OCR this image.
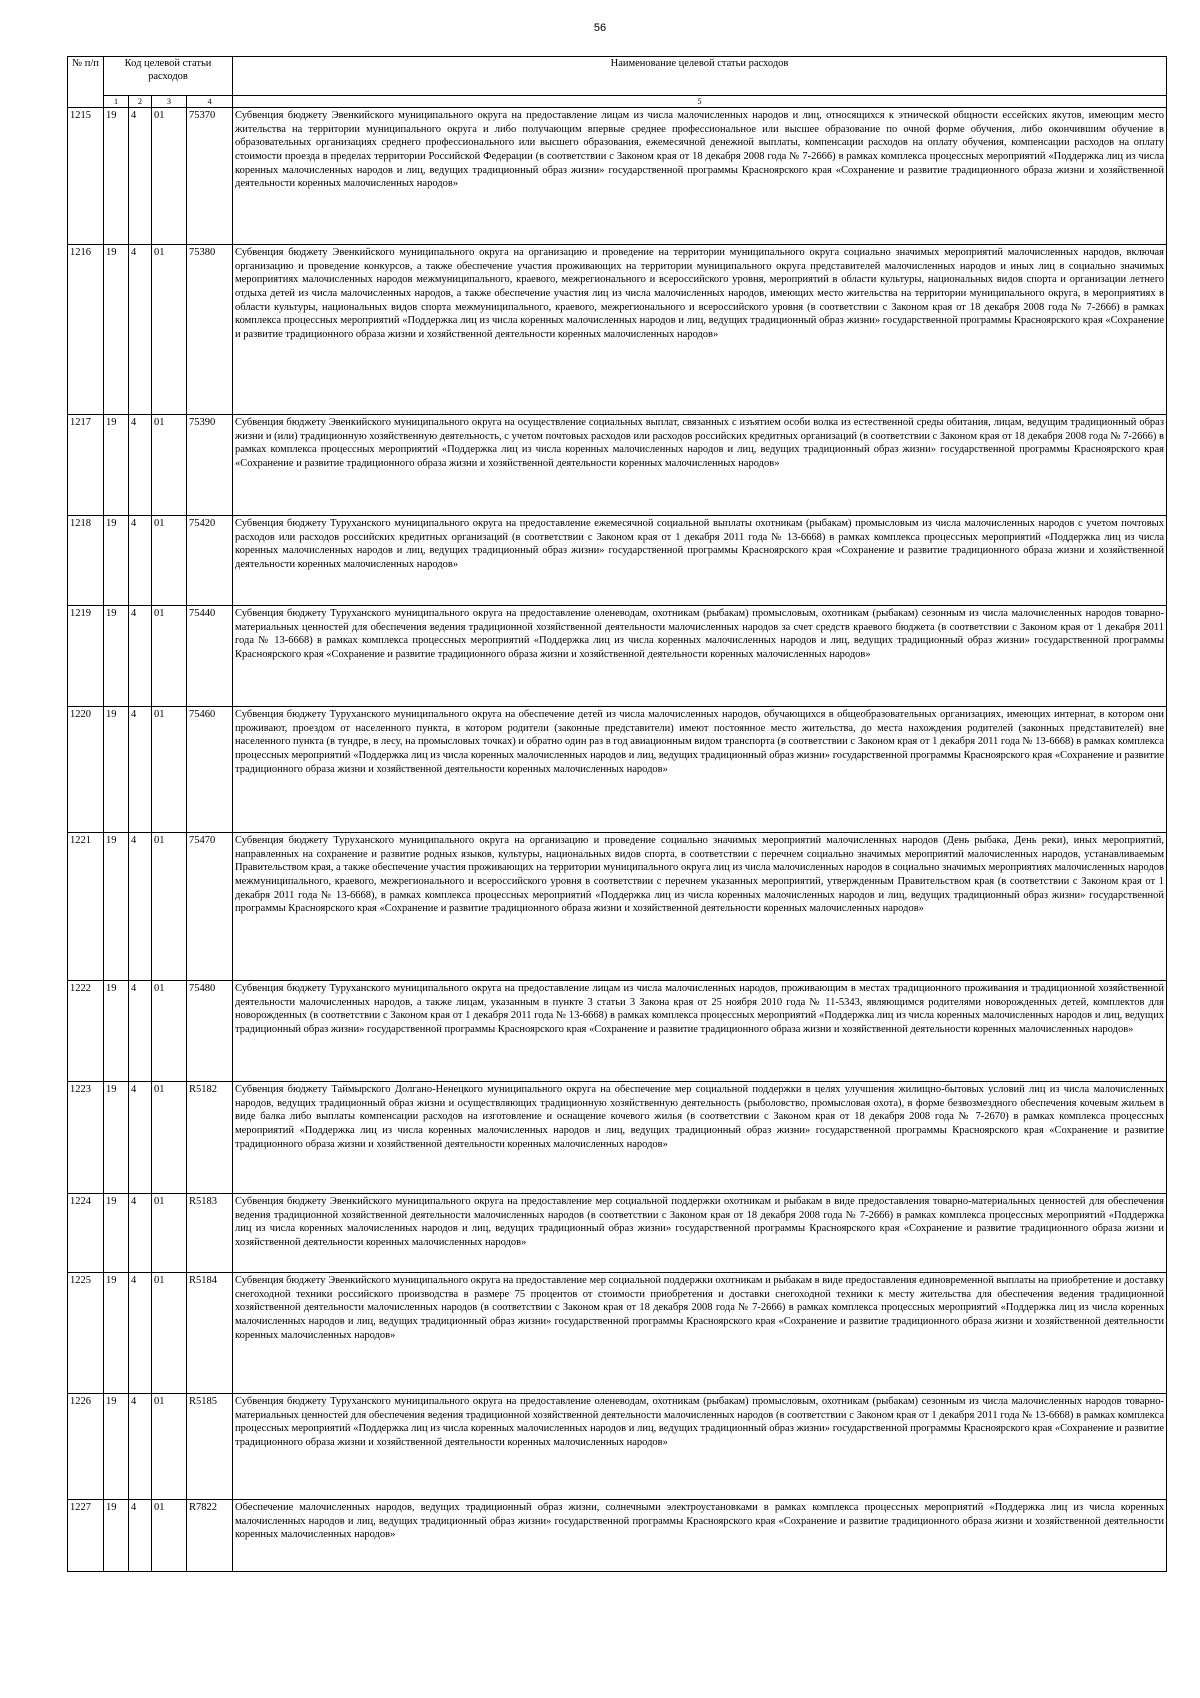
56
№ п/п	Код целевой статьи расходов				Наименование целевой статьи расходов
	1	2	3	4	5
1215	19	4	01	75370	Субвенция бюджету Эвенкийского муниципального округа на предоставление лицам из числа малочисленных народов и лиц, относящихся к этнической общности ессейских якутов, имеющим место жительства на территории муниципального округа и либо получающим впервые среднее профессиональное или высшее образование по очной форме обучения, либо окончившим обучение в образовательных организациях среднего профессионального или высшего образования, ежемесячной денежной выплаты, компенсации расходов на оплату обучения, компенсации расходов на оплату стоимости проезда в пределах территории Российской Федерации (в соответствии с Законом края от 18 декабря 2008 года № 7-2666) в рамках комплекса процессных мероприятий «Поддержка лиц из числа коренных малочисленных народов и лиц, ведущих традиционный образ жизни» государственной программы Красноярского края «Сохранение и развитие традиционного образа жизни и хозяйственной деятельности коренных малочисленных народов»
1216	19	4	01	75380	Субвенция бюджету Эвенкийского муниципального округа на организацию и проведение на территории муниципального округа социально значимых мероприятий малочисленных народов, включая организацию и проведение конкурсов, а также обеспечение участия проживающих на территории муниципального округа представителей малочисленных народов и иных лиц в социально значимых мероприятиях малочисленных народов межмуниципального, краевого, межрегионального и всероссийского уровня, мероприятий в области культуры, национальных видов спорта и организации летнего отдыха детей из числа малочисленных народов, а также обеспечение участия лиц из числа малочисленных народов, имеющих место жительства на территории муниципального округа, в мероприятиях в области культуры, национальных видов спорта межмуниципального, краевого, межрегионального и всероссийского уровня (в соответствии с Законом края от 18 декабря 2008 года № 7-2666) в рамках комплекса процессных мероприятий «Поддержка лиц из числа коренных малочисленных народов и лиц, ведущих традиционный образ жизни» государственной программы Красноярского края «Сохранение и развитие традиционного образа жизни и хозяйственной деятельности коренных малочисленных народов»
1217	19	4	01	75390	Субвенция бюджету Эвенкийского муниципального округа на осуществление социальных выплат, связанных с изъятием особи волка из естественной среды обитания, лицам, ведущим традиционный образ жизни и (или) традиционную хозяйственную деятельность, с учетом почтовых расходов или расходов российских кредитных организаций (в соответствии с Законом края от 18 декабря 2008 года № 7-2666) в рамках комплекса процессных мероприятий «Поддержка лиц из числа коренных малочисленных народов и лиц, ведущих традиционный образ жизни» государственной программы Красноярского края «Сохранение и развитие традиционного образа жизни и хозяйственной деятельности коренных малочисленных народов»
1218	19	4	01	75420	Субвенция бюджету Туруханского муниципального округа на предоставление ежемесячной социальной выплаты охотникам (рыбакам) промысловым из числа малочисленных народов с учетом почтовых расходов или расходов российских кредитных организаций (в соответствии с Законом края от 1 декабря 2011 года № 13-6668) в рамках комплекса процессных мероприятий «Поддержка лиц из числа коренных малочисленных народов и лиц, ведущих традиционный образ жизни» государственной программы Красноярского края «Сохранение и развитие традиционного образа жизни и хозяйственной деятельности коренных малочисленных народов»
1219	19	4	01	75440	Субвенция бюджету Туруханского муниципального округа на предоставление оленеводам, охотникам (рыбакам) промысловым, охотникам (рыбакам) сезонным из числа малочисленных народов товарно-материальных ценностей для обеспечения ведения традиционной хозяйственной деятельности малочисленных народов за счет средств краевого бюджета (в соответствии с Законом края от 1 декабря 2011 года № 13-6668) в рамках комплекса процессных мероприятий «Поддержка лиц из числа коренных малочисленных народов и лиц, ведущих традиционный образ жизни» государственной программы Красноярского края «Сохранение и развитие традиционного образа жизни и хозяйственной деятельности коренных малочисленных народов»
1220	19	4	01	75460	Субвенция бюджету Туруханского муниципального округа на обеспечение детей из числа малочисленных народов, обучающихся в общеобразовательных организациях, имеющих интернат, в котором они проживают, проездом от населенного пункта, в котором родители (законные представители) имеют постоянное место жительства, до места нахождения родителей (законных представителей) вне населенного пункта (в тундре, в лесу, на промысловых точках) и обратно один раз в год авиационным видом транспорта (в соответствии с Законом края от 1 декабря 2011 года № 13-6668) в рамках комплекса процессных мероприятий «Поддержка лиц из числа коренных малочисленных народов и лиц, ведущих традиционный образ жизни» государственной программы Красноярского края «Сохранение и развитие традиционного образа жизни и хозяйственной деятельности коренных малочисленных народов»
1221	19	4	01	75470	Субвенция бюджету Туруханского муниципального округа на организацию и проведение социально значимых мероприятий малочисленных народов (День рыбака, День реки), иных мероприятий, направленных на сохранение и развитие родных языков, культуры, национальных видов спорта, в соответствии с перечнем социально значимых мероприятий малочисленных народов, устанавливаемым Правительством края, а также обеспечение участия проживающих на территории муниципального округа лиц из числа малочисленных народов в социально значимых мероприятиях малочисленных народов межмуниципального, краевого, межрегионального и всероссийского уровня в соответствии с перечнем указанных мероприятий, утвержденным Правительством края (в соответствии с Законом края от 1 декабря 2011 года № 13-6668), в рамках комплекса процессных мероприятий «Поддержка лиц из числа коренных малочисленных народов и лиц, ведущих традиционный образ жизни» государственной программы Красноярского края «Сохранение и развитие традиционного образа жизни и хозяйственной деятельности коренных малочисленных народов»
1222	19	4	01	75480	Субвенция бюджету Туруханского муниципального округа на предоставление лицам из числа малочисленных народов, проживающим в местах традиционного проживания и традиционной хозяйственной деятельности малочисленных народов, а также лицам, указанным в пункте 3 статьи 3 Закона края от 25 ноября 2010 года № 11-5343, являющимся родителями новорожденных детей, комплектов для новорожденных (в соответствии с Законом края от 1 декабря 2011 года № 13-6668) в рамках комплекса процессных мероприятий «Поддержка лиц из числа коренных малочисленных народов и лиц, ведущих традиционный образ жизни» государственной программы Красноярского края «Сохранение и развитие традиционного образа жизни и хозяйственной деятельности коренных малочисленных народов»
1223	19	4	01	R5182	Субвенция бюджету Таймырского Долгано-Ненецкого муниципального округа на обеспечение мер социальной поддержки в целях улучшения жилищно-бытовых условий лиц из числа малочисленных народов, ведущих традиционный образ жизни и осуществляющих традиционную хозяйственную деятельность (рыболовство, промысловая охота), в форме безвозмездного обеспечения кочевым жильем в виде балка либо выплаты компенсации расходов на изготовление и оснащение кочевого жилья (в соответствии с Законом края от 18 декабря 2008 года № 7-2670) в рамках комплекса процессных мероприятий «Поддержка лиц из числа коренных малочисленных народов и лиц, ведущих традиционный образ жизни» государственной программы Красноярского края «Сохранение и развитие традиционного образа жизни и хозяйственной деятельности коренных малочисленных народов»
1224	19	4	01	R5183	Субвенция бюджету Эвенкийского муниципального округа на предоставление мер социальной поддержки охотникам и рыбакам в виде предоставления товарно-материальных ценностей для обеспечения ведения традиционной хозяйственной деятельности малочисленных народов (в соответствии с Законом края от 18 декабря 2008 года № 7-2666) в рамках комплекса процессных мероприятий «Поддержка лиц из числа коренных малочисленных народов и лиц, ведущих традиционный образ жизни» государственной программы Красноярского края «Сохранение и развитие традиционного образа жизни и хозяйственной деятельности коренных малочисленных народов»
1225	19	4	01	R5184	Субвенция бюджету Эвенкийского муниципального округа на предоставление мер социальной поддержки охотникам и рыбакам в виде предоставления единовременной выплаты на приобретение и доставку снегоходной техники российского производства в размере 75 процентов от стоимости приобретения и доставки снегоходной техники к месту жительства для обеспечения ведения традиционной хозяйственной деятельности малочисленных народов (в соответствии с Законом края от 18 декабря 2008 года № 7-2666) в рамках комплекса процессных мероприятий «Поддержка лиц из числа коренных малочисленных народов и лиц, ведущих традиционный образ жизни» государственной программы Красноярского края «Сохранение и развитие традиционного образа жизни и хозяйственной деятельности коренных малочисленных народов»
1226	19	4	01	R5185	Субвенция бюджету Туруханского муниципального округа на предоставление оленеводам, охотникам (рыбакам) промысловым, охотникам (рыбакам) сезонным из числа малочисленных народов товарно-материальных ценностей для обеспечения ведения традиционной хозяйственной деятельности малочисленных народов (в соответствии с Законом края от 1 декабря 2011 года № 13-6668) в рамках комплекса процессных мероприятий «Поддержка лиц из числа коренных малочисленных народов и лиц, ведущих традиционный образ жизни» государственной программы Красноярского края «Сохранение и развитие традиционного образа жизни и хозяйственной деятельности коренных малочисленных народов»
1227	19	4	01	R7822	Обеспечение малочисленных народов, ведущих традиционный образ жизни, солнечными электроустановками в рамках комплекса процессных мероприятий «Поддержка лиц из числа коренных малочисленных народов и лиц, ведущих традиционный образ жизни» государственной программы Красноярского края «Сохранение и развитие традиционного образа жизни и хозяйственной деятельности коренных малочисленных народов»
